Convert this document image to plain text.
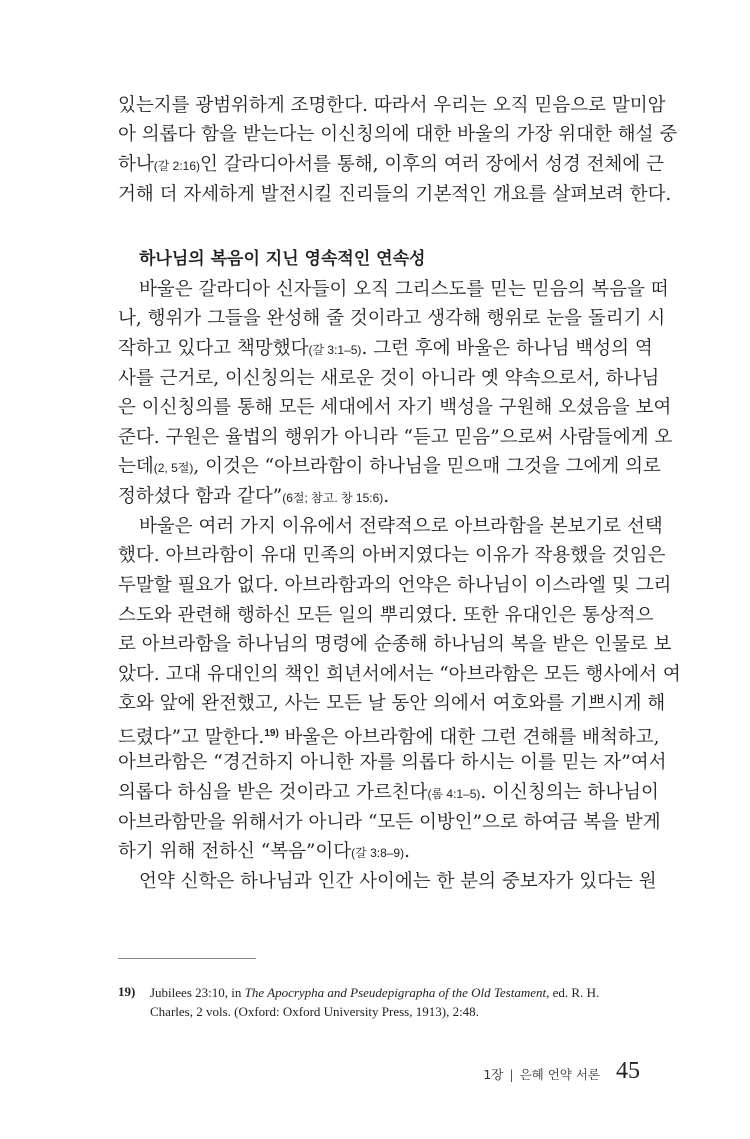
있는지를 광범위하게 조명한다. 따라서 우리는 오직 믿음으로 말미암

아 의롭다 함을 받는다는 이신칭의에 대한 바울의 가장 위대한 해설 중

하나(갈 2:16)인 갈라디아서를 통해, 이후의 여러 장에서 성경 전체에 근

거해 더 자세하게 발전시킬 진리들의 기본적인 개요를 살펴보려 한다.

하나님의 복음이 지닌 영속적인 연속성

바울은 갈라디아 신자들이 오직 그리스도를 믿는 믿음의 복음을 떠

나, 행위가 그들을 완성해 줄 것이라고 생각해 행위로 눈을 돌리기 시

작하고 있다고 책망했다(갈 3:1–5). 그런 후에 바울은 하나님 백성의 역

사를 근거로, 이신칭의는 새로운 것이 아니라 옛 약속으로서, 하나님

은 이신칭의를 통해 모든 세대에서 자기 백성을 구원해 오셨음을 보여

준다. 구원은 율법의 행위가 아니라 “듣고 믿음”으로써 사람들에게 오

는데(2, 5절), 이것은 “아브라함이 하나님을 믿으매 그것을 그에게 의로

정하셨다 함과 같다”(6절; 참고. 창 15:6).

바울은 여러 가지 이유에서 전략적으로 아브라함을 본보기로 선택

했다. 아브라함이 유대 민족의 아버지였다는 이유가 작용했을 것임은

두말할 필요가 없다. 아브라함과의 언약은 하나님이 이스라엘 및 그리

스도와 관련해 행하신 모든 일의 뿌리였다. 또한 유대인은 통상적으

로 아브라함을 하나님의 명령에 순종해 하나님의 복을 받은 인물로 보

았다. 고대 유대인의 책인 희년서에서는 “아브라함은 모든 행사에서 여

호와 앞에 완전했고, 사는 모든 날 동안 의에서 여호와를 기쁘시게 해

드렸다”고 말한다.$^{19)}$ 바울은 아브라함에 대한 그런 견해를 배척하고,

아브라함은 “경건하지 아니한 자를 의롭다 하시는 이를 믿는 자”여서

의롭다 하심을 받은 것이라고 가르친다(롬 4:1–5). 이신칭의는 하나님이

아브라함만을 위해서가 아니라 “모든 이방인”으로 하여금 복을 받게

하기 위해 전하신 “복음”이다(갈 3:8–9).

언약 신학은 하나님과 인간 사이에는 한 분의 중보자가 있다는 원

19) Jubilees 23:10, in The Apocrypha and Pseudepigrapha of the Old Testament, ed. R. H.
Charles, 2 vols. (Oxford: Oxford University Press, 1913), 2:48.
1장 | 은혜 언약 서론 45
